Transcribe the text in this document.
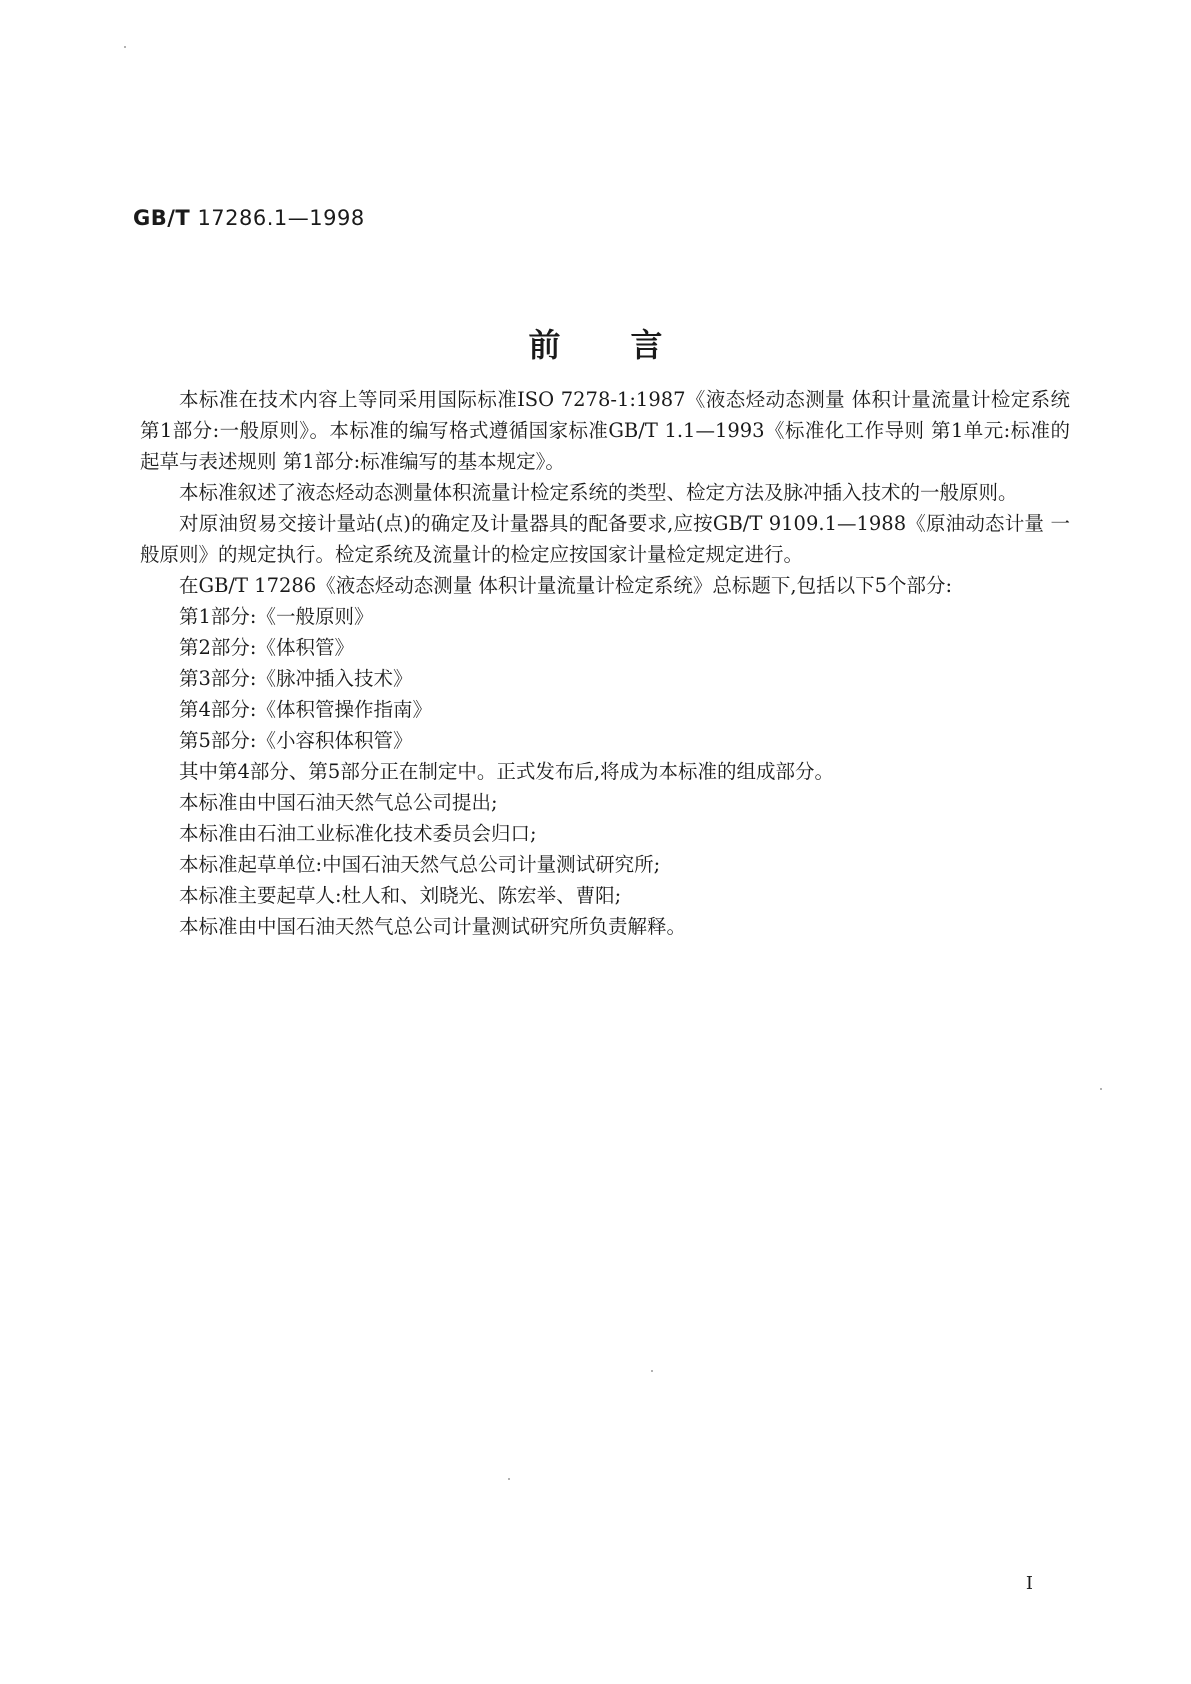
GB/T 17286.1—1998
前言

本标准在技术内容上等同采用国际标准ISO 7278-1:1987《液态烃动态测量 体积计量流量计检定系统 第1部分:一般原则》。本标准的编写格式遵循国家标准GB/T 1.1—1993《标准化工作导则 第1单元:标准的起草与表述规则 第1部分:标准编写的基本规定》。

本标准叙述了液态烃动态测量体积流量计检定系统的类型、检定方法及脉冲插入技术的一般原则。

对原油贸易交接计量站(点)的确定及计量器具的配备要求,应按GB/T 9109.1—1988《原油动态计量 一般原则》的规定执行。检定系统及流量计的检定应按国家计量检定规定进行。

在GB/T 17286《液态烃动态测量 体积计量流量计检定系统》总标题下,包括以下5个部分:

第1部分:《一般原则》

第2部分:《体积管》

第3部分:《脉冲插入技术》

第4部分:《体积管操作指南》

第5部分:《小容积体积管》

其中第4部分、第5部分正在制定中。正式发布后,将成为本标准的组成部分。

本标准由中国石油天然气总公司提出;

本标准由石油工业标准化技术委员会归口;

本标准起草单位:中国石油天然气总公司计量测试研究所;

本标准主要起草人:杜人和、刘晓光、陈宏举、曹阳;

本标准由中国石油天然气总公司计量测试研究所负责解释。

I
